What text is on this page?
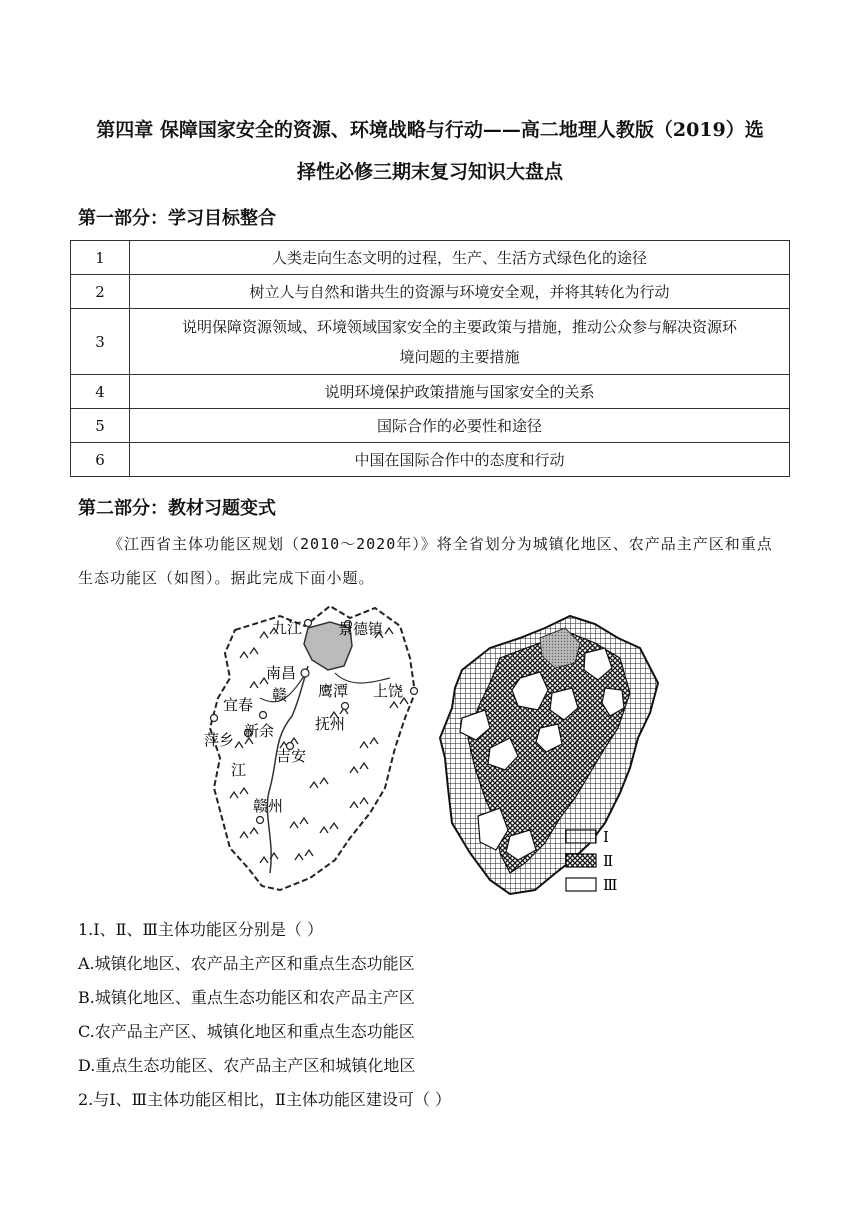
第四章 保障国家安全的资源、环境战略与行动——高二地理人教版（2019）选
择性必修三期末复习知识大盘点
第一部分：学习目标整合
1	人类走向生态文明的过程，生产、生活方式绿色化的途径
2	树立人与自然和谐共生的资源与环境安全观，并将其转化为行动
3	说明保障资源领域、环境领域国家安全的主要政策与措施，推动公众参与解决资源环
境问题的主要措施

4	说明环境保护政策措施与国家安全的关系
5	国际合作的必要性和途径
6	中国在国际合作中的态度和行动
第二部分：教材习题变式
《江西省主体功能区规划（2010～2020年）》将全省划分为城镇化地区、农产品主产区和重点生态功能区（如图）。据此完成下面小题。
九江 景德镇
南昌
赣 鹰潭 上饶
宜春
新余	抚州
萍乡
吉安
江
赣州
Ⅰ
Ⅱ
Ⅲ
1.Ⅰ、Ⅱ、Ⅲ主体功能区分别是（ ）
A.城镇化地区、农产品主产区和重点生态功能区
B.城镇化地区、重点生态功能区和农产品主产区
C.农产品主产区、城镇化地区和重点生态功能区
D.重点生态功能区、农产品主产区和城镇化地区
2.与Ⅰ、Ⅲ主体功能区相比，Ⅱ主体功能区建设可（ ）
